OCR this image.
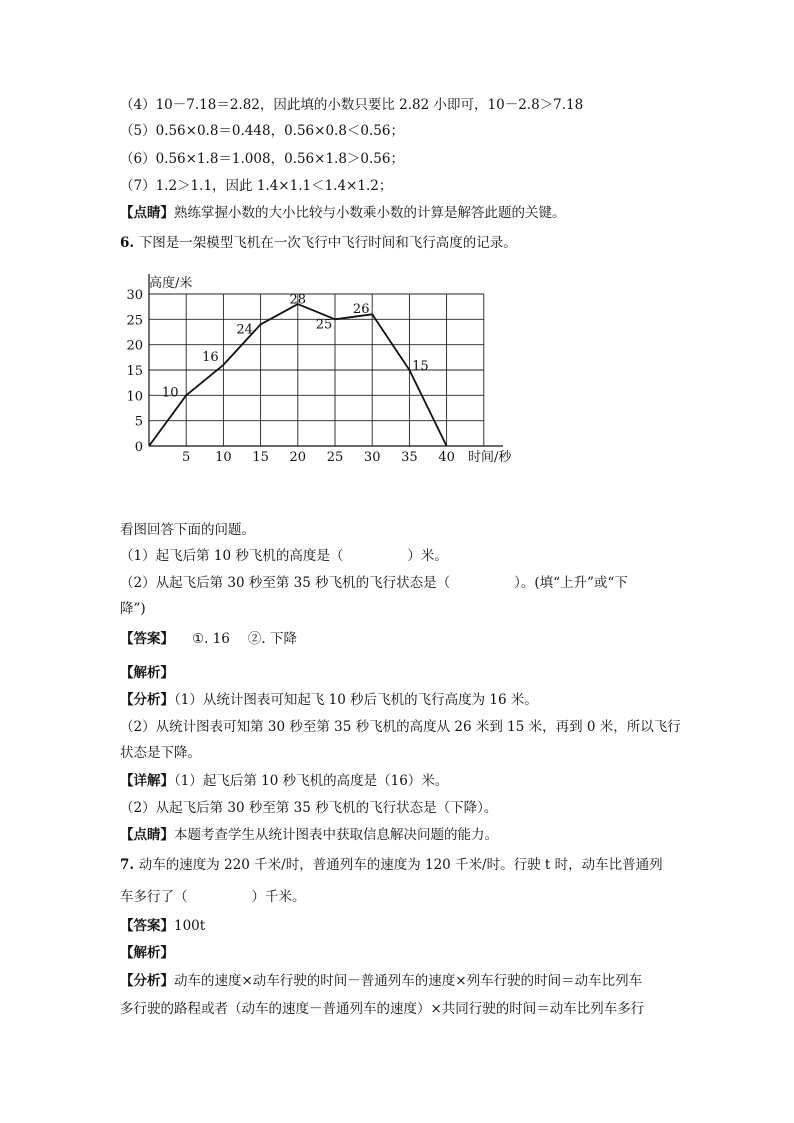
（4）10－7.18＝2.82，因此填的小数只要比 2.82 小即可，10－2.8＞7.18

（5）0.56×0.8＝0.448，0.56×0.8＜0.56；

（6）0.56×1.8＝1.008，0.56×1.8＞0.56；

（7）1.2＞1.1，因此 1.4×1.1＜1.4×1.2；

【点睛】熟练掌握小数的大小比较与小数乘小数的计算是解答此题的关键。

6. 下图是一架模型飞机在一次飞行中飞行时间和飞行高度的记录。

0
5
10
15
20
25
30
5 10 15 20 25 30 35 40
10
16
24
28
25
26
15
高度/米
时间/秒

看图回答下面的问题。

（1）起飞后第 10 秒飞机的高度是（	）米。

（2）从起飞后第 30 秒至第 35 秒飞机的飞行状态是（	）。(填“上升”或“下

降”)

【答案】 ①. 16 ②. 下降

【解析】

【分析】（1）从统计图表可知起飞 10 秒后飞机的飞行高度为 16 米。

（2）从统计图表可知第 30 秒至第 35 秒飞机的高度从 26 米到 15 米，再到 0 米，所以飞行

状态是下降。

【详解】（1）起飞后第 10 秒飞机的高度是（16）米。

（2）从起飞后第 30 秒至第 35 秒飞机的飞行状态是（下降）。

【点睛】本题考查学生从统计图表中获取信息解决问题的能力。

7. 动车的速度为 220 千米/时，普通列车的速度为 120 千米/时。行驶 t 时，动车比普通列

车多行了（	）千米。

【答案】100t

【解析】

【分析】动车的速度×动车行驶的时间－普通列车的速度×列车行驶的时间＝动车比列车

多行驶的路程或者（动车的速度－普通列车的速度）×共同行驶的时间＝动车比列车多行
